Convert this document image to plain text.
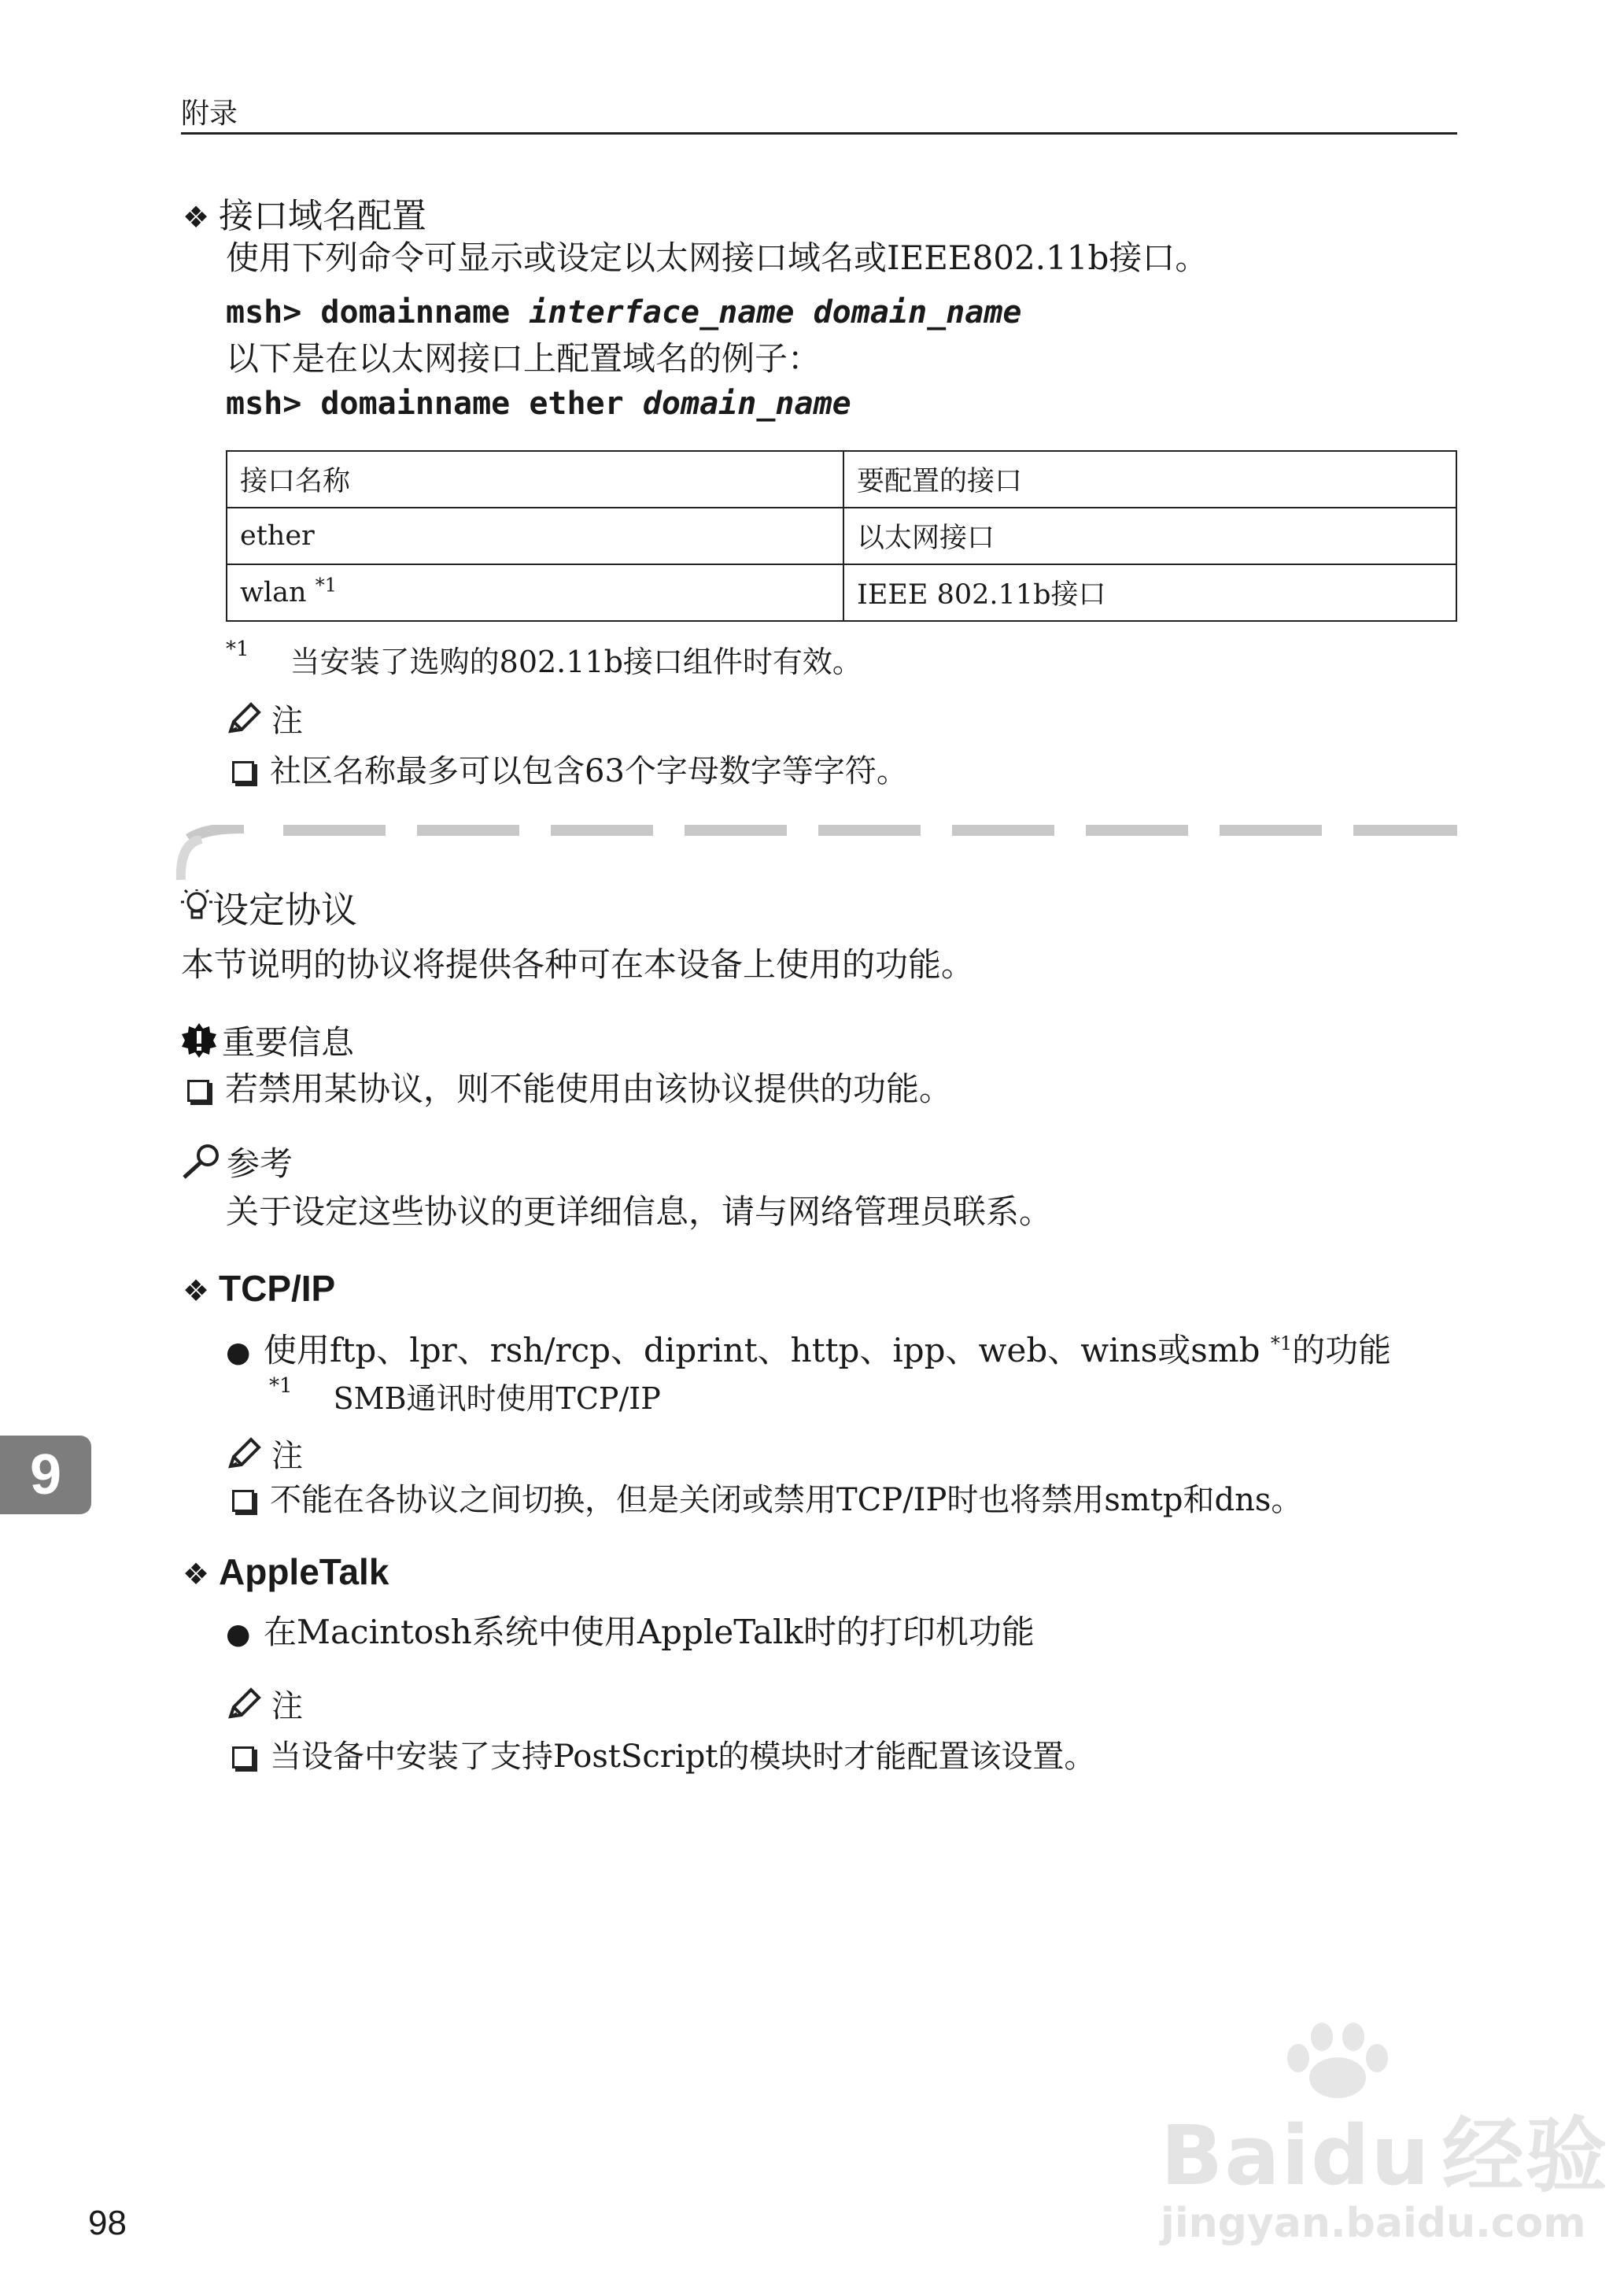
附录
❖ 接口域名配置
使用下列命令可显示或设定以太网接口域名或IEEE802.11b接口。
msh> domainname interface_name domain_name
以下是在以太网接口上配置域名的例子：
msh> domainname ether domain_name
接口名称	要配置的接口
ether	以太网接口
wlan $^{*1}$	IEEE 802.11b接口
$^{*1}$ 当安装了选购的802.11b接口组件时有效。
注
社区名称最多可以包含63个字母数字等字符。
设定协议
本节说明的协议将提供各种可在本设备上使用的功能。
重要信息
若禁用某协议，则不能使用由该协议提供的功能。
参考
关于设定这些协议的更详细信息，请与网络管理员联系。
❖ TCP/IP
● 使用ftp、lpr、rsh/rcp、diprint、http、ipp、web、wins或smb $^{*1}$的功能
$^{*1}$ SMB通讯时使用TCP/IP
注
不能在各协议之间切换，但是关闭或禁用TCP/IP时也将禁用smtp和dns。
❖ AppleTalk
● 在Macintosh系统中使用AppleTalk时的打印机功能
注
当设备中安装了支持PostScript的模块时才能配置该设置。
9
98
Baidu 经验
jingyan.baidu.com
